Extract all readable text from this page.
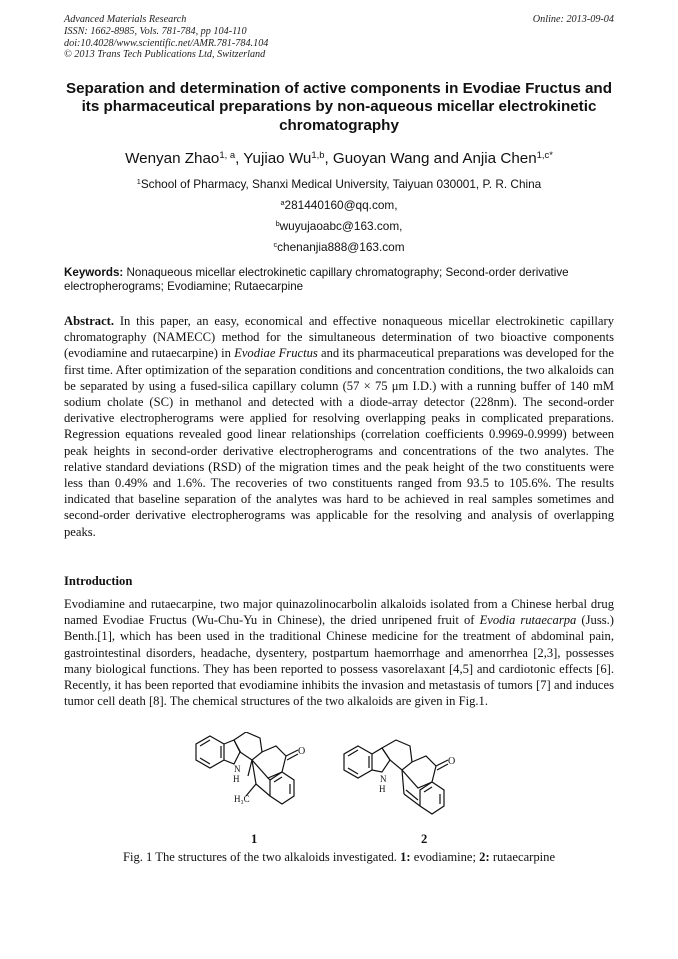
Advanced Materials Research
ISSN: 1662-8985, Vols. 781-784, pp 104-110
doi:10.4028/www.scientific.net/AMR.781-784.104
© 2013 Trans Tech Publications Ltd, Switzerland
Online: 2013-09-04
Separation and determination of active components in Evodiae Fructus and its pharmaceutical preparations by non-aqueous micellar electrokinetic chromatography
Wenyan Zhao$^{1, a}$, Yujiao Wu$^{1,b}$, Guoyan Wang and Anjia Chen$^{1,c*}$
$^1$School of Pharmacy, Shanxi Medical University, Taiyuan 030001, P. R. China
$^a$281440160@qq.com,
$^b$wuyujaoabc@163.com,
$^c$chenanjia888@163.com
Keywords: Nonaqueous micellar electrokinetic capillary chromatography; Second-order derivative electropherograms; Evodiamine; Rutaecarpine
Abstract. In this paper, an easy, economical and effective nonaqueous micellar electrokinetic capillary chromatography (NAMECC) method for the simultaneous determination of two bioactive components (evodiamine and rutaecarpine) in Evodiae Fructus and its pharmaceutical preparations was developed for the first time. After optimization of the separation conditions and concentration conditions, the two alkaloids can be separated by using a fused-silica capillary column (57 × 75 μm I.D.) with a running buffer of 140 mM sodium cholate (SC) in methanol and detected with a diode-array detector (228nm). The second-order derivative electropherograms were applied for resolving overlapping peaks in complicated preparations. Regression equations revealed good linear relationships (correlation coefficients 0.9969-0.9999) between peak heights in second-order derivative electropherograms and concentrations of the two analytes. The relative standard deviations (RSD) of the migration times and the peak height of the two constituents were less than 0.49% and 1.6%. The recoveries of two constituents ranged from 93.5 to 105.6%. The results indicated that baseline separation of the analytes was hard to be achieved in real samples sometimes and second-order derivative electropherograms was applicable for the resolving and analysis of overlapping peaks.
Introduction
Evodiamine and rutaecarpine, two major quinazolinocarbolin alkaloids isolated from a Chinese herbal drug named Evodiae Fructus (Wu-Chu-Yu in Chinese), the dried unripened fruit of Evodia rutaecarpa (Juss.) Benth.[1], which has been used in the traditional Chinese medicine for the treatment of abdominal pain, gastrointestinal disorders, headache, dysentery, postpartum haemorrhage and amenorrhea [2,3], possesses many biological functions. They has been reported to possess vasorelaxant [4,5] and cardiotonic effects [6]. Recently, it has been reported that evodiamine inhibits the invasion and metastasis of tumors [7] and induces tumor cell death [8]. The chemical structures of the two alkaloids are given in Fig.1.
N
H
H₃C
O
N
H
O
1	2
Fig. 1 The structures of the two alkaloids investigated. 1: evodiamine; 2: rutaecarpine
